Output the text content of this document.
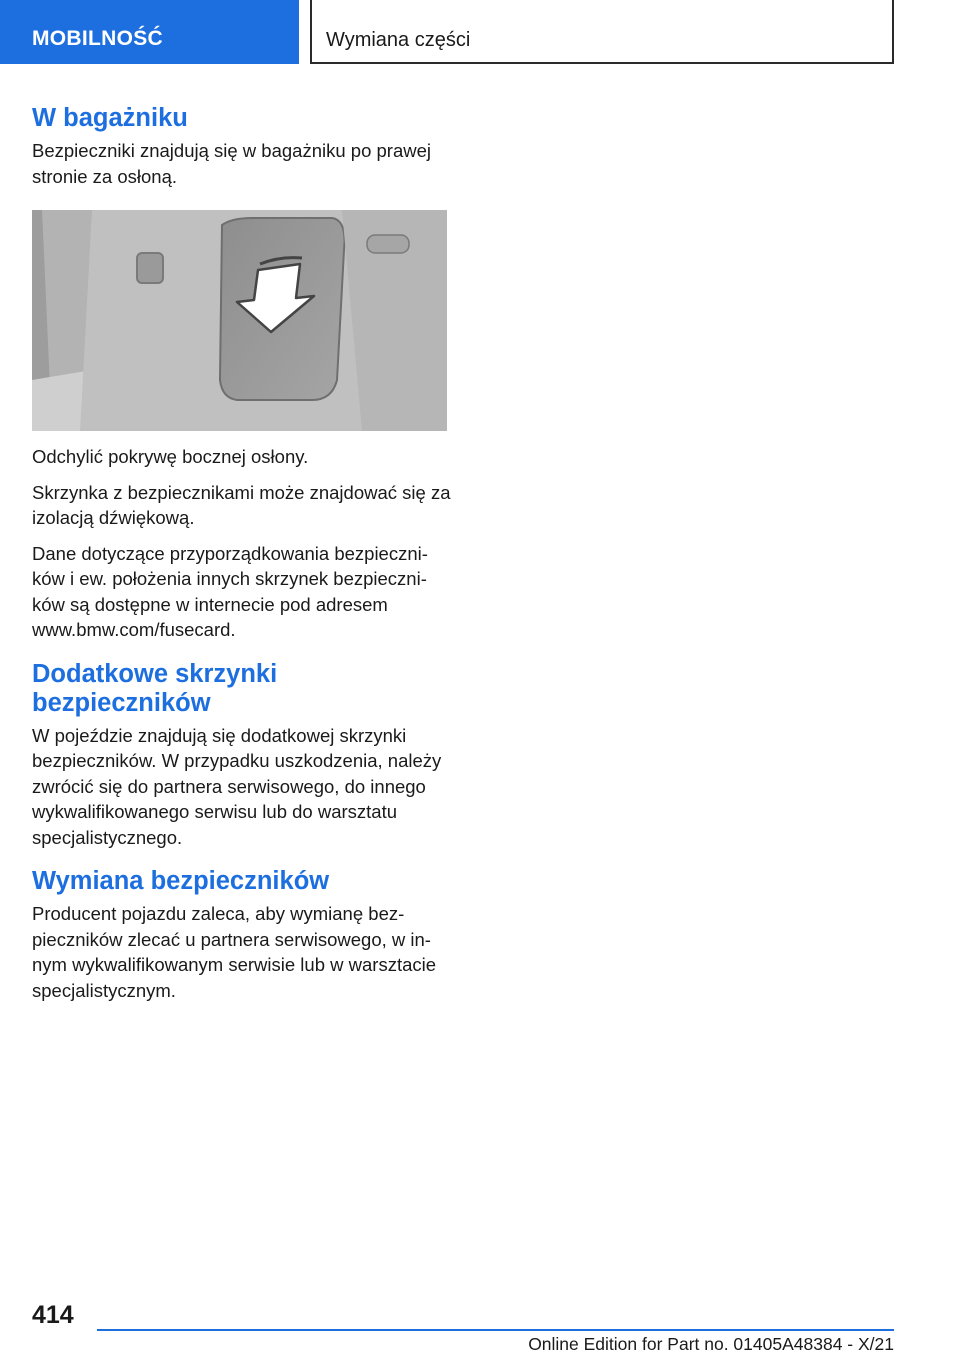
MOBILNOŚĆ	Wymiana części
W bagażniku

Bezpieczniki znajdują się w bagażniku po prawej stronie za osłoną.

Odchylić pokrywę bocznej osłony.

Skrzynka z bezpiecznikami może znajdować się za izolacją dźwiękową.

Dane dotyczące przyporządkowania bezpieczników i ew. położenia innych skrzynek bezpieczników są dostępne w internecie pod adresem www.bmw.com/fusecard.

Dodatkowe skrzynki bezpieczników

W pojeździe znajdują się dodatkowej skrzynki bezpieczników. W przypadku uszkodzenia, należy zwrócić się do partnera serwisowego, do innego wykwalifikowanego serwisu lub do warsztatu specjalistycznego.

Wymiana bezpieczników

Producent pojazdu zaleca, aby wymianę bezpieczników zlecać u partnera serwisowego, w innym wykwalifikowanym serwisie lub w warsztacie specjalistycznym.

414
Online Edition for Part no. 01405A48384 - X/21
